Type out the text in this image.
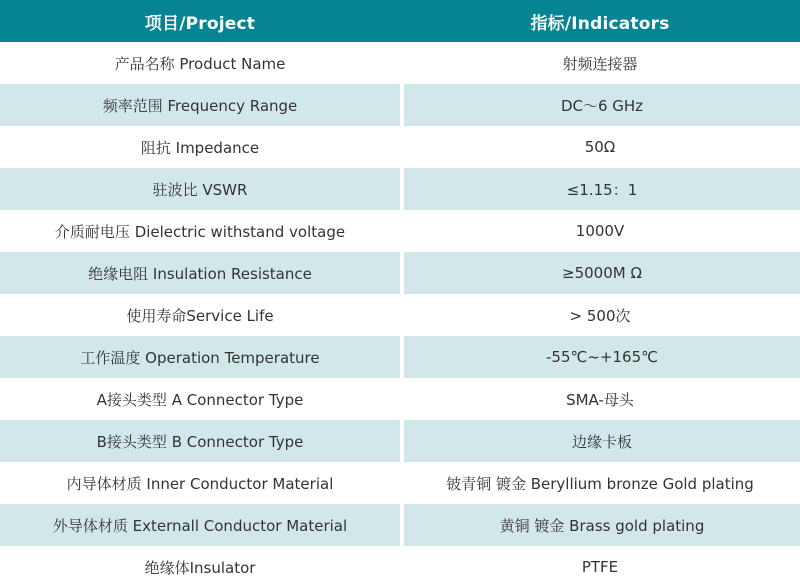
项目/Project	指标/Indicators
产品名称 Product Name	射频连接器
频率范围 Frequency Range	DC～6 GHz
阻抗 Impedance	50Ω
驻波比 VSWR	≤1.15：1
介质耐电压 Dielectric withstand voltage	1000V
绝缘电阻 Insulation Resistance	≥5000M Ω
使用寿命Service Life	> 500次
工作温度 Operation Temperature	-55℃~+165℃
A接头类型 A Connector Type	SMA-母头
B接头类型 B Connector Type	边缘卡板
内导体材质 Inner Conductor Material	铍青铜 镀金 Beryllium bronze Gold plating
外导体材质 Externall Conductor Material	黄铜 镀金 Brass gold plating
绝缘体Insulator	PTFE
